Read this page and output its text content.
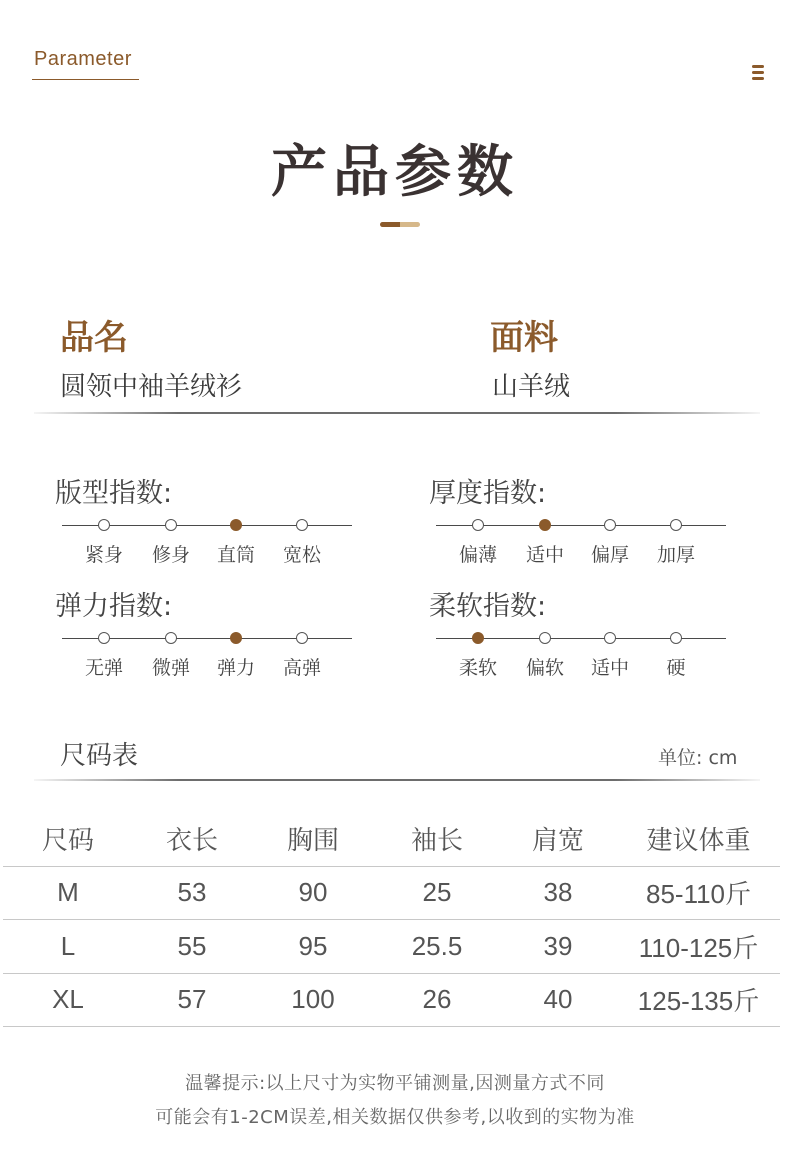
Parameter
产品参数
品名
圆领中袖羊绒衫
面料
山羊绒
版型指数:
紧身	修身	直筒	宽松
厚度指数:
偏薄	适中	偏厚	加厚
弹力指数:
无弹	微弹	弹力	高弹
柔软指数:
柔软	偏软	适中	硬
尺码表	单位: cm
尺码	衣长	胸围	袖长	肩宽	建议体重
M	53	90	25	38	85-110斤
L	55	95	25.5	39	110-125斤
XL	57	100	26	40	125-135斤
温馨提示:以上尺寸为实物平铺测量,因测量方式不同
可能会有1-2CM误差,相关数据仅供参考,以收到的实物为准
